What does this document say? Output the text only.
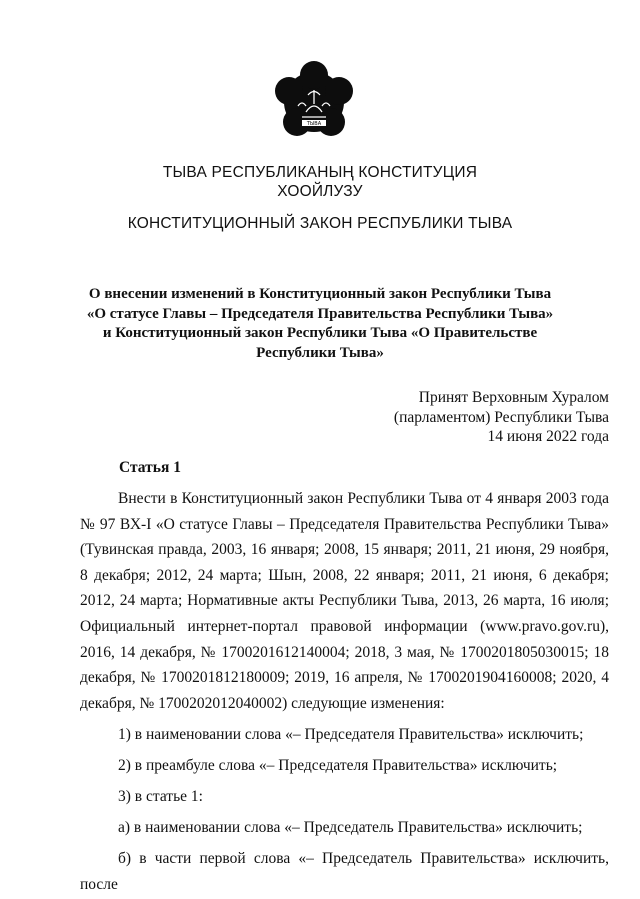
ТЫВА
ТЫВА РЕСПУБЛИКАНЫҢ КОНСТИТУЦИЯ
ХООЙЛУЗУ
КОНСТИТУЦИОННЫЙ ЗАКОН РЕСПУБЛИКИ ТЫВА
О внесении изменений в Конституционный закон Республики Тыва
«О статусе Главы – Председателя Правительства Республики Тыва»
и Конституционный закон Республики Тыва «О Правительстве
Республики Тыва»
Принят Верховным Хуралом
(парламентом) Республики Тыва
14 июня 2022 года
Статья 1

Внести в Конституционный закон Республики Тыва от 4 января 2003 года № 97 ВХ-I «О статусе Главы – Председателя Правительства Республики Тыва» (Тувинская правда, 2003, 16 января; 2008, 15 января; 2011, 21 июня, 29 ноября, 8 декабря; 2012, 24 марта; Шын, 2008, 22 января; 2011, 21 июня, 6 декабря; 2012, 24 марта; Нормативные акты Республики Тыва, 2013, 26 марта, 16 июля; Официальный интернет-портал правовой информации (www.pravo.gov.ru), 2016, 14 декабря, № 1700201612140004; 2018, 3 мая, № 1700201805030015; 18 декабря, № 1700201812180009; 2019, 16 апреля, № 1700201904160008; 2020, 4 декабря, № 1700202012040002) следующие изменения:

1) в наименовании слова «– Председателя Правительства» исключить;

2) в преамбуле слова «– Председателя Правительства» исключить;

3) в статье 1:

а) в наименовании слова «– Председатель Правительства» исключить;

б) в части первой слова «– Председатель Правительства» исключить, после
